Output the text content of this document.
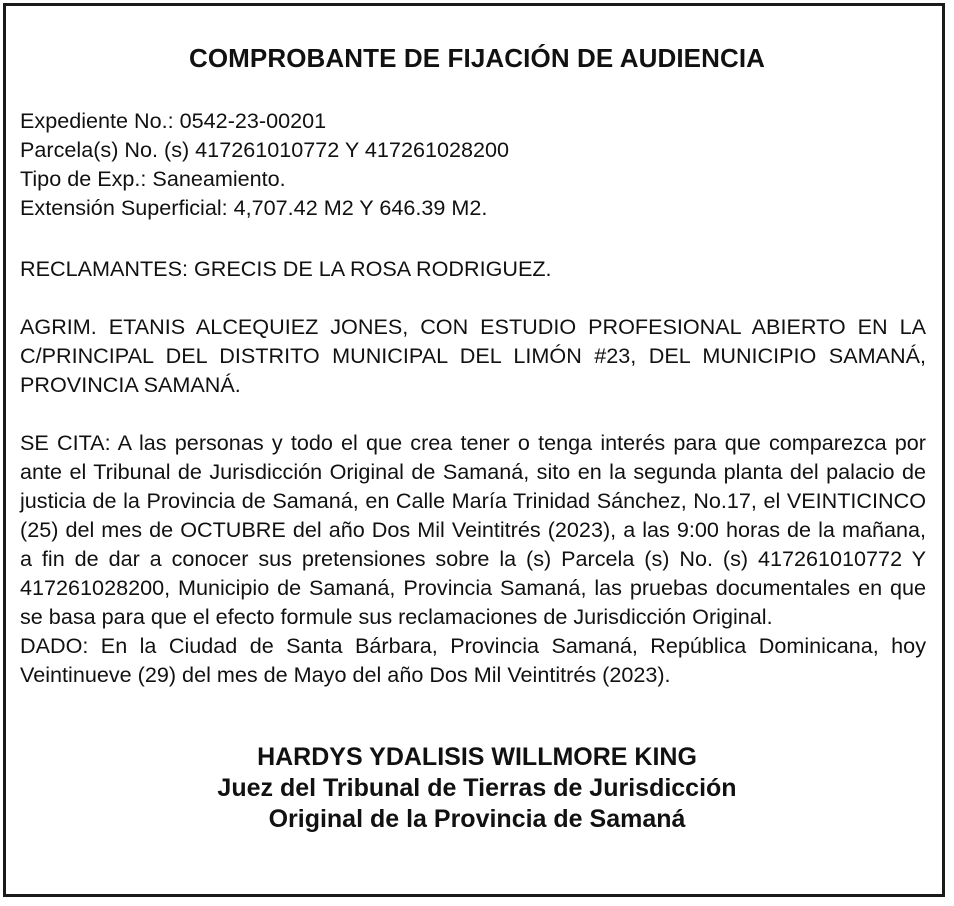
COMPROBANTE DE FIJACIÓN DE AUDIENCIA
Expediente No.: 0542-23-00201
Parcela(s) No. (s) 417261010772 Y 417261028200
Tipo de Exp.: Saneamiento.
Extensión Superficial: 4,707.42 M2 Y 646.39 M2.
RECLAMANTES: GRECIS DE LA ROSA RODRIGUEZ.
AGRIM. ETANIS ALCEQUIEZ JONES, CON ESTUDIO PROFESIONAL ABIERTO EN LA C/PRINCIPAL DEL DISTRITO MUNICIPAL DEL LIMÓN #23, DEL MUNICIPIO SAMANÁ, PROVINCIA SAMANÁ.
SE CITA: A las personas y todo el que crea tener o tenga interés para que comparezca por ante el Tribunal de Jurisdicción Original de Samaná, sito en la segunda planta del palacio de justicia de la Provincia de Samaná, en Calle María Trinidad Sánchez, No.17, el VEINTICINCO (25) del mes de OCTUBRE del año Dos Mil Veintitrés (2023), a las 9:00 horas de la mañana, a fin de dar a conocer sus pretensiones sobre la (s) Parcela (s) No. (s) 417261010772 Y 417261028200, Municipio de Samaná, Provincia Samaná, las pruebas documentales en que se basa para que el efecto formule sus reclamaciones de Jurisdicción Original.
DADO: En la Ciudad de Santa Bárbara, Provincia Samaná, República Dominicana, hoy Veintinueve (29) del mes de Mayo del año Dos Mil Veintitrés (2023).
HARDYS YDALISIS WILLMORE KING
Juez del Tribunal de Tierras de Jurisdicción
Original de la Provincia de Samaná
